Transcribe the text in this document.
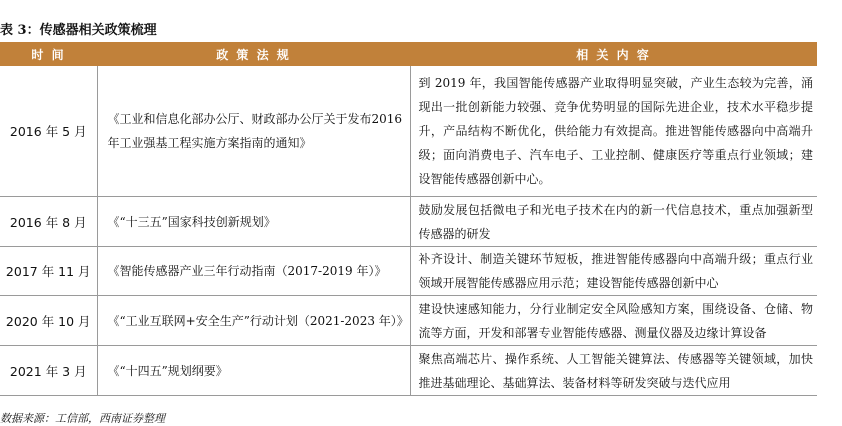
表 3：传感器相关政策梳理
时 间	政 策 法 规	相 关 内 容
2016 年 5 月	《工业和信息化部办公厅、财政部办公厅关于发布2016 年工业强基工程实施方案指南的通知》	到 2019 年，我国智能传感器产业取得明显突破，产业生态较为完善，涌现出一批创新能力较强、竞争优势明显的国际先进企业，技术水平稳步提升，产品结构不断优化，供给能力有效提高。推进智能传感器向中高端升级；面向消费电子、汽车电子、工业控制、健康医疗等重点行业领域；建设智能传感器创新中心。
2016 年 8 月	《“十三五”国家科技创新规划》	鼓励发展包括微电子和光电子技术在内的新一代信息技术，重点加强新型传感器的研发
2017 年 11 月	《智能传感器产业三年行动指南（2017-2019 年）》	补齐设计、制造关键环节短板，推进智能传感器向中高端升级；重点行业领域开展智能传感器应用示范；建设智能传感器创新中心
2020 年 10 月	《“工业互联网+安全生产”行动计划（2021-2023 年）》	建设快速感知能力，分行业制定安全风险感知方案，围绕设备、仓储、物流等方面，开发和部署专业智能传感器、测量仪器及边缘计算设备
2021 年 3 月	《“十四五”规划纲要》	聚焦高端芯片、操作系统、人工智能关键算法、传感器等关键领域，加快推进基础理论、基础算法、装备材料等研发突破与迭代应用
数据来源：工信部，西南证券整理
